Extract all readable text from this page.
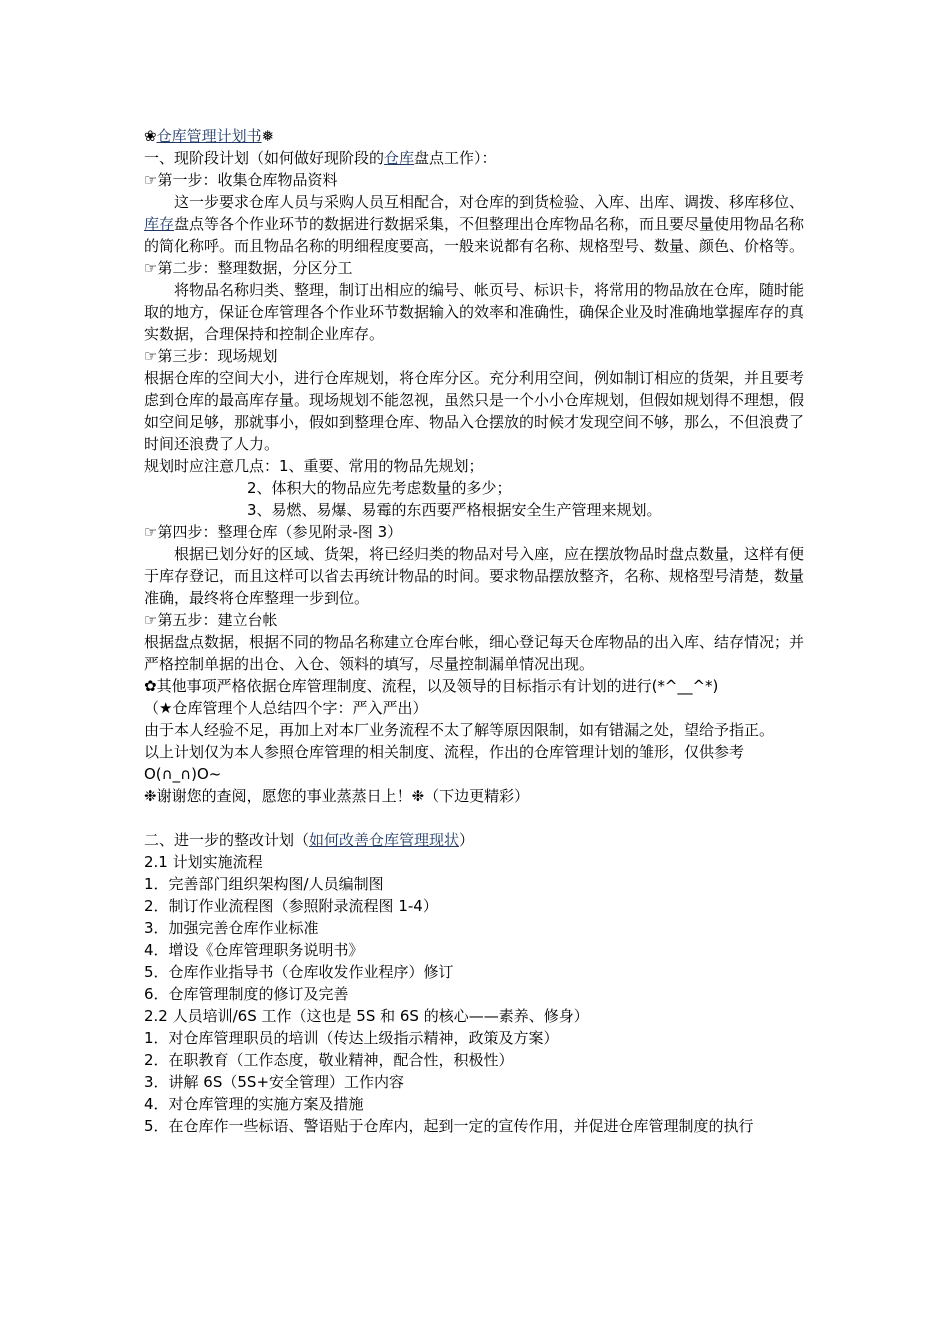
❀仓库管理计划书❅
一、现阶段计划（如何做好现阶段的仓库盘点工作）：
☞第一步：收集仓库物品资料
这一步要求仓库人员与采购人员互相配合，对仓库的到货检验、入库、出库、调拨、移库移位、库存盘点等各个作业环节的数据进行数据采集，不但整理出仓库物品名称，而且要尽量使用物品名称的简化称呼。而且物品名称的明细程度要高，一般来说都有名称、规格型号、数量、颜色、价格等。
☞第二步：整理数据，分区分工
将物品名称归类、整理，制订出相应的编号、帐页号、标识卡，将常用的物品放在仓库，随时能取的地方，保证仓库管理各个作业环节数据输入的效率和准确性，确保企业及时准确地掌握库存的真实数据，合理保持和控制企业库存。
☞第三步：现场规划
根据仓库的空间大小，进行仓库规划，将仓库分区。充分利用空间，例如制订相应的货架，并且要考虑到仓库的最高库存量。现场规划不能忽视，虽然只是一个小小仓库规划，但假如规划得不理想，假如空间足够，那就事小，假如到整理仓库、物品入仓摆放的时候才发现空间不够，那么，不但浪费了时间还浪费了人力。
规划时应注意几点：1、重要、常用的物品先规划；
2、体积大的物品应先考虑数量的多少；
3、易燃、易爆、易霉的东西要严格根据安全生产管理来规划。
☞第四步：整理仓库（参见附录-图 3）
根据已划分好的区域、货架，将已经归类的物品对号入座，应在摆放物品时盘点数量，这样有便于库存登记，而且这样可以省去再统计物品的时间。要求物品摆放整齐，名称、规格型号清楚，数量准确，最终将仓库整理一步到位。
☞第五步：建立台帐
根据盘点数据，根据不同的物品名称建立仓库台帐，细心登记每天仓库物品的出入库、结存情况；并严格控制单据的出仓、入仓、领料的填写，尽量控制漏单情况出现。
✿其他事项严格依据仓库管理制度、流程，以及领导的目标指示有计划的进行(*^__^*)
（★仓库管理个人总结四个字：严入严出）
由于本人经验不足，再加上对本厂业务流程不太了解等原因限制，如有错漏之处，望给予指正。
以上计划仅为本人参照仓库管理的相关制度、流程，作出的仓库管理计划的雏形，仅供参考 O(∩_∩)O~
❉谢谢您的查阅，愿您的事业蒸蒸日上！❉（下边更精彩）
二、进一步的整改计划（如何改善仓库管理现状）
2.1 计划实施流程
1．完善部门组织架构图/人员编制图
2．制订作业流程图（参照附录流程图 1-4）
3．加强完善仓库作业标准
4．增设《仓库管理职务说明书》
5．仓库作业指导书（仓库收发作业程序）修订
6．仓库管理制度的修订及完善
2.2 人员培训/6S 工作（这也是 5S 和 6S 的核心——素养、修身）
1．对仓库管理职员的培训（传达上级指示精神，政策及方案）
2．在职教育（工作态度，敬业精神，配合性，积极性）
3．讲解 6S（5S+安全管理）工作内容
4．对仓库管理的实施方案及措施
5．在仓库作一些标语、警语贴于仓库内，起到一定的宣传作用，并促进仓库管理制度的执行
